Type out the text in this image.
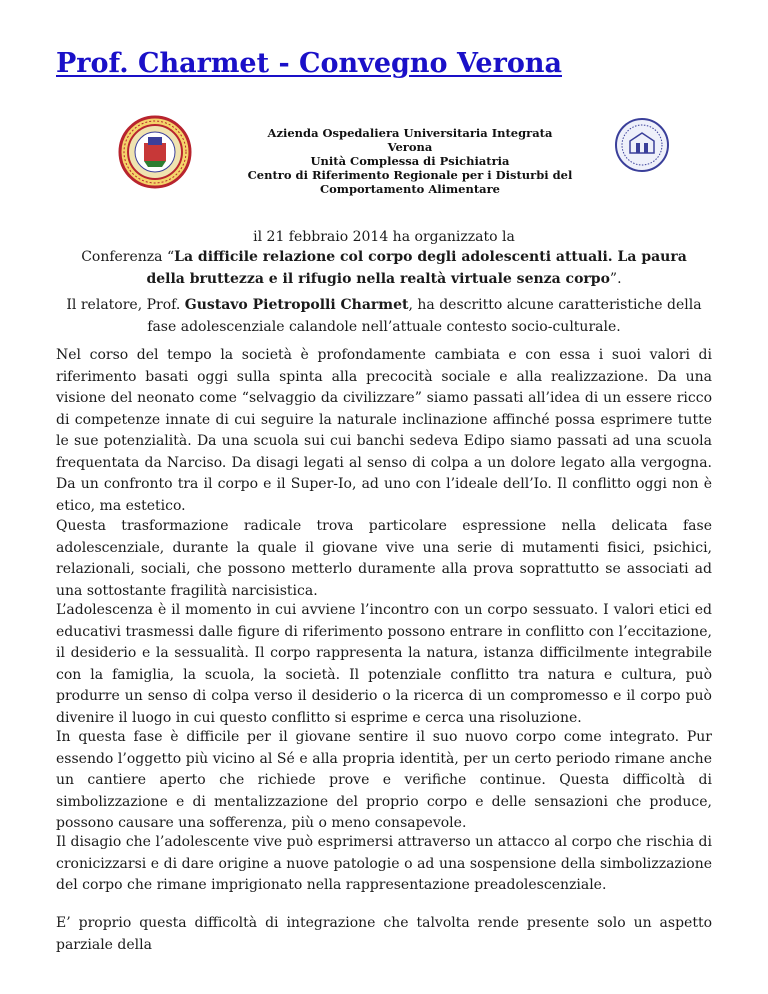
Prof. Charmet - Convegno Verona
Azienda Ospedaliera Universitaria Integrata Verona
Unità Complessa di Psichiatria
Centro di Riferimento Regionale per i Disturbi del
Comportamento Alimentare
il 21 febbraio 2014 ha organizzato la
Conferenza “La difficile relazione col corpo degli adolescenti attuali. La paura della bruttezza e il rifugio nella realtà virtuale senza corpo”.
Il relatore, Prof. Gustavo Pietropolli Charmet, ha descritto alcune caratteristiche della fase adolescenziale calandole nell’attuale contesto socio-culturale.

Nel corso del tempo la società è profondamente cambiata e con essa i suoi valori di riferimento basati oggi sulla spinta alla precocità sociale e alla realizzazione. Da una visione del neonato come “selvaggio da civilizzare” siamo passati all’idea di un essere ricco di competenze innate di cui seguire la naturale inclinazione affinché possa esprimere tutte le sue potenzialità. Da una scuola sui cui banchi sedeva Edipo siamo passati ad una scuola frequentata da Narciso. Da disagi legati al senso di colpa a un dolore legato alla vergogna. Da un confronto tra il corpo e il Super-Io, ad uno con l’ideale dell’Io. Il conflitto oggi non è etico, ma estetico.

Questa trasformazione radicale trova particolare espressione nella delicata fase adolescenziale, durante la quale il giovane vive una serie di mutamenti fisici, psichici, relazionali, sociali, che possono metterlo duramente alla prova soprattutto se associati ad una sottostante fragilità narcisistica.

L’adolescenza è il momento in cui avviene l’incontro con un corpo sessuato. I valori etici ed educativi trasmessi dalle figure di riferimento possono entrare in conflitto con l’eccitazione, il desiderio e la sessualità. Il corpo rappresenta la natura, istanza difficilmente integrabile con la famiglia, la scuola, la società. Il potenziale conflitto tra natura e cultura, può produrre un senso di colpa verso il desiderio o la ricerca di un compromesso e il corpo può divenire il luogo in cui questo conflitto si esprime e cerca una risoluzione.

In questa fase è difficile per il giovane sentire il suo nuovo corpo come integrato. Pur essendo l’oggetto più vicino al Sé e alla propria identità, per un certo periodo rimane anche un cantiere aperto che richiede prove e verifiche continue. Questa difficoltà di simbolizzazione e di mentalizzazione del proprio corpo e delle sensazioni che produce, possono causare una sofferenza, più o meno consapevole.

Il disagio che l’adolescente vive può esprimersi attraverso un attacco al corpo che rischia di cronicizzarsi e di dare origine a nuove patologie o ad una sospensione della simbolizzazione del corpo che rimane imprigionato nella rappresentazione preadolescenziale.

E’ proprio questa difficoltà di integrazione che talvolta rende presente solo un aspetto parziale della
